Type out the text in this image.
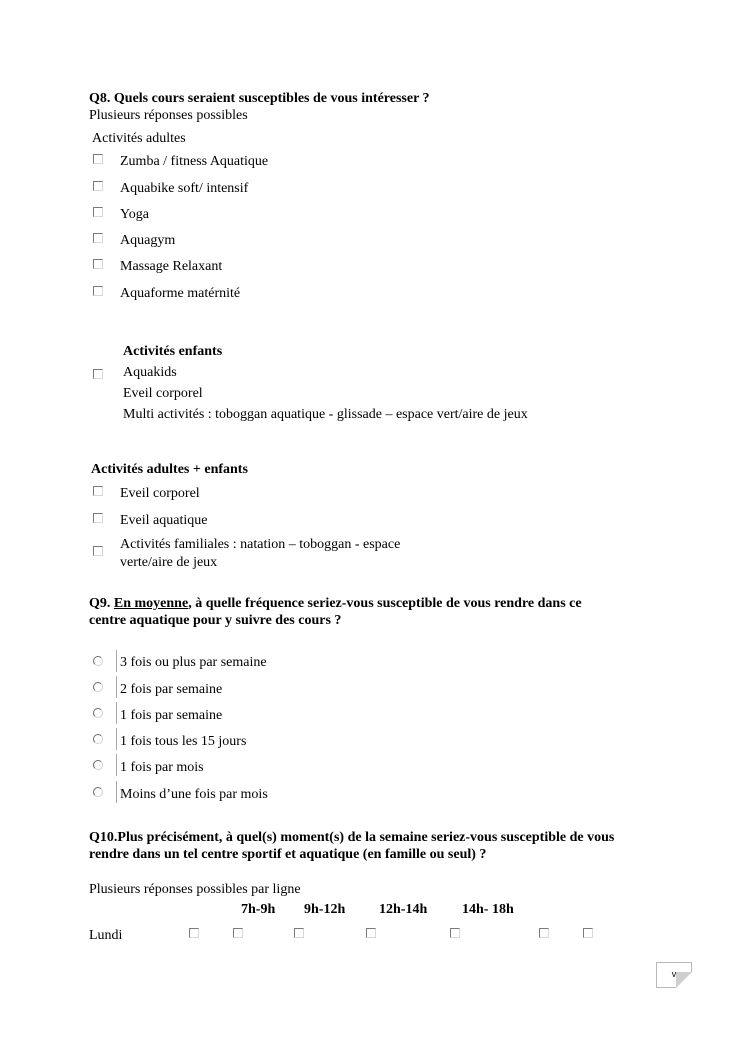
Q8. Quels cours seraient susceptibles de vous intéresser ?
Plusieurs réponses possibles
Activités adultes
Zumba / fitness Aquatique
Aquabike soft/ intensif
Yoga
Aquagym
Massage Relaxant
Aquaforme matérnité
Activités enfants
Aquakids
Eveil corporel
Multi activités : toboggan aquatique - glissade – espace vert/aire de jeux
Activités adultes + enfants
Eveil corporel
Eveil aquatique
Activités familiales : natation – toboggan - espace
verte/aire de jeux
Q9. En moyenne, à quelle fréquence seriez-vous susceptible de vous rendre dans ce
centre aquatique pour y suivre des cours ?
3 fois ou plus par semaine
2 fois par semaine
1 fois par semaine
1 fois tous les 15 jours
1 fois par mois
Moins d’une fois par mois
Q10.Plus précisément, à quel(s) moment(s) de la semaine seriez-vous susceptible de vous
rendre dans un tel centre sportif et aquatique (en famille ou seul) ?
Plusieurs réponses possibles par ligne
7h-9h 9h-12h 12h-14h 14h- 18h
Lundi
v
